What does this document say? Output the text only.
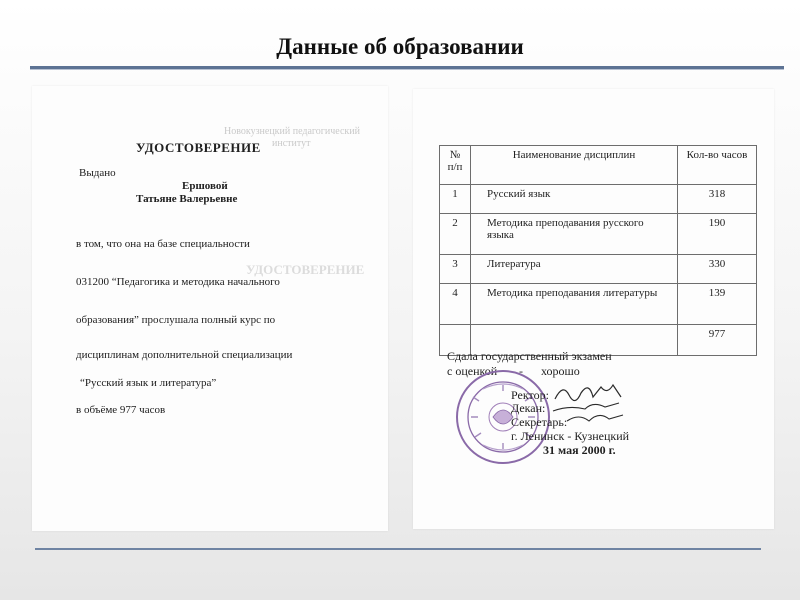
Данные об образовании
Новокузнецкий педагогический
институт
УДОСТОВЕРЕНИЕ
Выдано
Ершовой
Татьяне Валерьевне
УДОСТОВЕРЕНИЕ
в том, что она на базе специальности
031200 “Педагогика и методика начального
образования” прослушала полный курс по
дисциплинам дополнительной специализации
“Русский язык и литература”
в объёме 977 часов
№ п/п	Наименование дисциплин	Кол-во часов
1	Русский язык	318
2	Методика преподавания русского языка	190
3	Литература	330
4	Методика преподавания литературы	139
		977
Сдала государственный экзамен
с оценкой - хорошо
Ректор:
Декан:
Секретарь:
г. Ленинск - Кузнецкий
31 мая 2000 г.
